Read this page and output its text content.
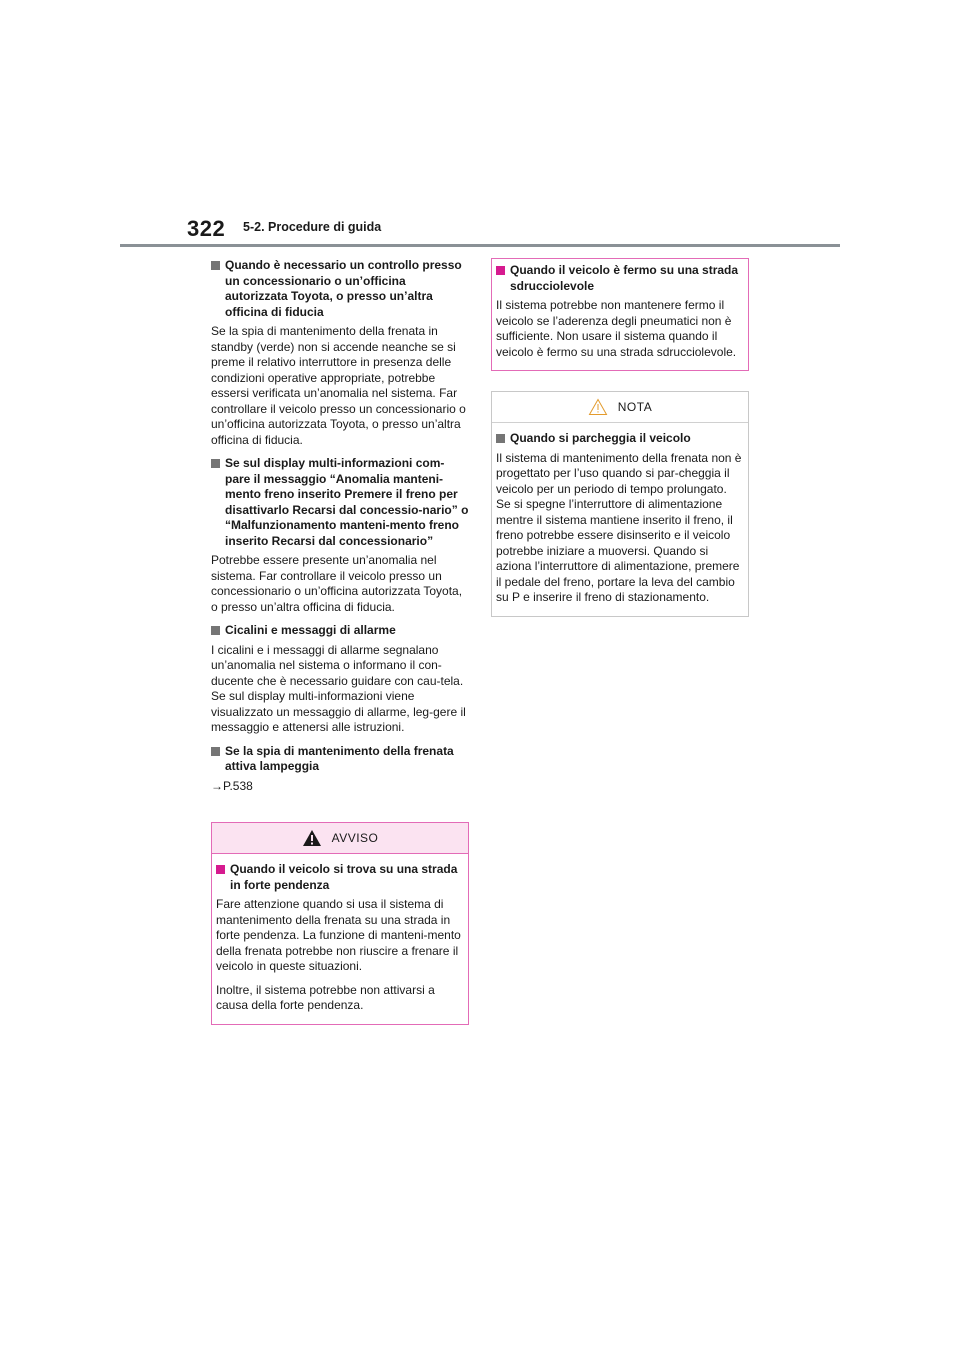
322 5-2. Procedure di guida
Quando è necessario un controllo presso un concessionario o un’officina autorizzata Toyota, o presso un’altra officina di fiducia

Se la spia di mantenimento della frenata in standby (verde) non si accende neanche se si preme il relativo interruttore in presenza delle condizioni operative appropriate, potrebbe essersi verificata un’anomalia nel sistema. Far controllare il veicolo presso un concessionario o un’officina autorizzata Toyota, o presso un’altra officina di fiducia.

Se sul display multi-informazioni com-pare il messaggio “Anomalia manteni-mento freno inserito Premere il freno per disattivarlo Recarsi dal concessio-nario” o “Malfunzionamento manteni-mento freno inserito Recarsi dal concessionario”

Potrebbe essere presente un’anomalia nel sistema. Far controllare il veicolo presso un concessionario o un’officina autorizzata Toyota, o presso un’altra officina di fiducia.

Cicalini e messaggi di allarme

I cicalini e i messaggi di allarme segnalano un’anomalia nel sistema o informano il con-ducente che è necessario guidare con cau-tela. Se sul display multi-informazioni viene visualizzato un messaggio di allarme, leg-gere il messaggio e attenersi alle istruzioni.

Se la spia di mantenimento della frenata attiva lampeggia

→P.538

AVVISO
Quando il veicolo si trova su una strada in forte pendenza

Fare attenzione quando si usa il sistema di mantenimento della frenata su una strada in forte pendenza. La funzione di manteni-mento della frenata potrebbe non riuscire a frenare il veicolo in queste situazioni.

Inoltre, il sistema potrebbe non attivarsi a causa della forte pendenza.

Quando il veicolo è fermo su una strada sdrucciolevole

Il sistema potrebbe non mantenere fermo il veicolo se l’aderenza degli pneumatici non è sufficiente. Non usare il sistema quando il veicolo è fermo su una strada sdrucciolevole.

NOTA
Quando si parcheggia il veicolo

Il sistema di mantenimento della frenata non è progettato per l’uso quando si par-cheggia il veicolo per un periodo di tempo prolungato. Se si spegne l’interruttore di alimentazione mentre il sistema mantiene inserito il freno, il freno potrebbe essere disinserito e il veicolo potrebbe iniziare a muoversi. Quando si aziona l’interruttore di alimentazione, premere il pedale del freno, portare la leva del cambio su P e inserire il freno di stazionamento.
